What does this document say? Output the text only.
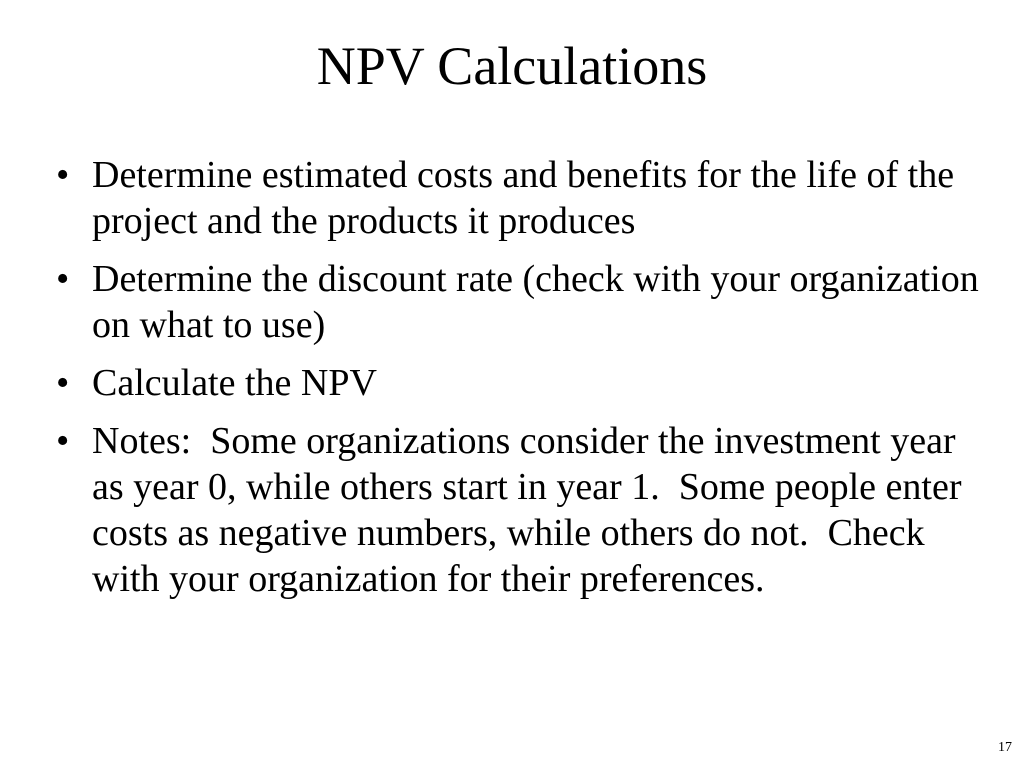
NPV Calculations
• Determine estimated costs and benefits for the life of the project and the products it produces
• Determine the discount rate (check with your organization on what to use)
• Calculate the NPV
• Notes:  Some organizations consider the investment year as year 0, while others start in year 1.  Some people enter costs as negative numbers, while others do not.  Check with your organization for their preferences.
17
